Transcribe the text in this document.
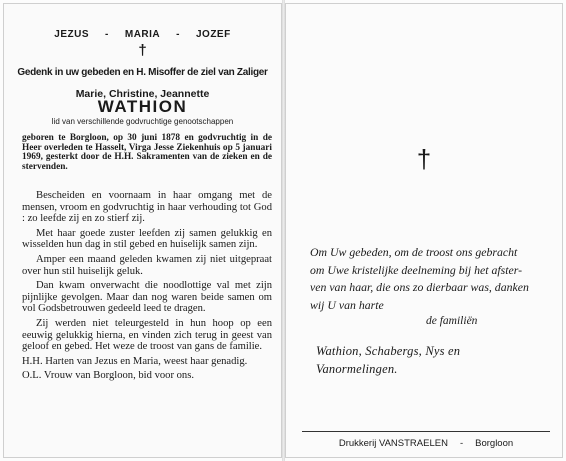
JEZUS - MARIA - JOZEF
†
Gedenk in uw gebeden en H. Misoffer de ziel van Zaliger
Marie, Christine, Jeannette
WATHION
lid van verschillende godvruchtige genootschappen
geboren te Borgloon, op 30 juni 1878 en godvruchtig in de Heer overleden te Hasselt, Virga Jesse Ziekenhuis op 5 januari 1969, gesterkt door de H.H. Sakramenten van de zieken en de stervenden.

Bescheiden en voornaam in haar omgang met de mensen, vroom en godvruchtig in haar verhouding tot God : zo leefde zij en zo stierf zij.

Met haar goede zuster leefden zij samen gelukkig en wisselden hun dag in stil gebed en huiselijk samen zijn.

Amper een maand geleden kwamen zij niet uitgepraat over hun stil huiselijk geluk.

Dan kwam onverwacht die noodlottige val met zijn pijnlijke gevolgen. Maar dan nog waren beide samen om vol Godsbetrouwen gedeeld leed te dragen.

Zij werden niet teleurgesteld in hun hoop op een eeuwig gelukkig hierna, en vinden zich terug in geest van geloof en gebed. Het weze de troost van gans de familie.

H.H. Harten van Jezus en Maria, weest haar genadig.

O.L. Vrouw van Borgloon, bid voor ons.

†
Om Uw gebeden, om de troost ons gebracht
om Uwe kristelijke deelneming bij het afster-
ven van haar, die ons zo dierbaar was, danken
wij U van harte
de familiën
Wathion, Schabergs, Nys en
Vanormelingen.
Drukkerij VANSTRAELEN - Borgloon
